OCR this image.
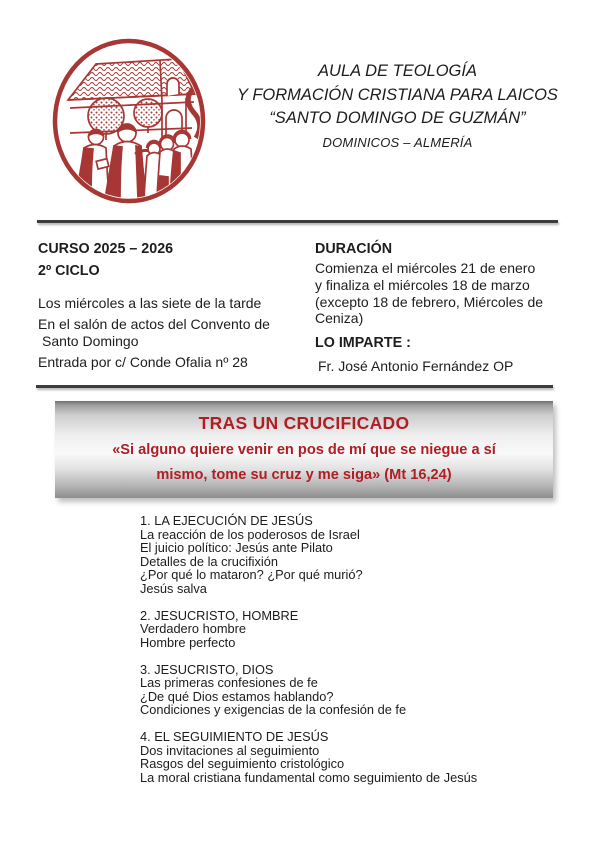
AULA DE TEOLOGÍA
Y FORMACIÓN CRISTIANA PARA LAICOS
“SANTO DOMINGO DE GUZMÁN”
DOMINICOS – ALMERÍA
CURSO 2025 – 2026
2º CICLO
Los miércoles a las siete de la tarde
En el salón de actos del Convento de
Santo Domingo
Entrada por c/ Conde Ofalia nº 28
DURACIÓN
Comienza el miércoles 21 de enero
y finaliza el miércoles 18 de marzo
(excepto 18 de febrero, Miércoles de
Ceniza)
LO IMPARTE :
Fr. José Antonio Fernández OP
TRAS UN CRUCIFICADO
«Si alguno quiere venir en pos de mí que se niegue a sí
mismo, tome su cruz y me siga» (Mt 16,24)
1. LA EJECUCIÓN DE JESÚS
La reacción de los poderosos de Israel
El juicio político: Jesús ante Pilato
Detalles de la crucifixión
¿Por qué lo mataron? ¿Por qué murió?
Jesús salva
2. JESUCRISTO, HOMBRE
Verdadero hombre
Hombre perfecto
3. JESUCRISTO, DIOS
Las primeras confesiones de fe
¿De qué Dios estamos hablando?
Condiciones y exigencias de la confesión de fe
4. EL SEGUIMIENTO DE JESÚS
Dos invitaciones al seguimiento
Rasgos del seguimiento cristológico
La moral cristiana fundamental como seguimiento de Jesús
